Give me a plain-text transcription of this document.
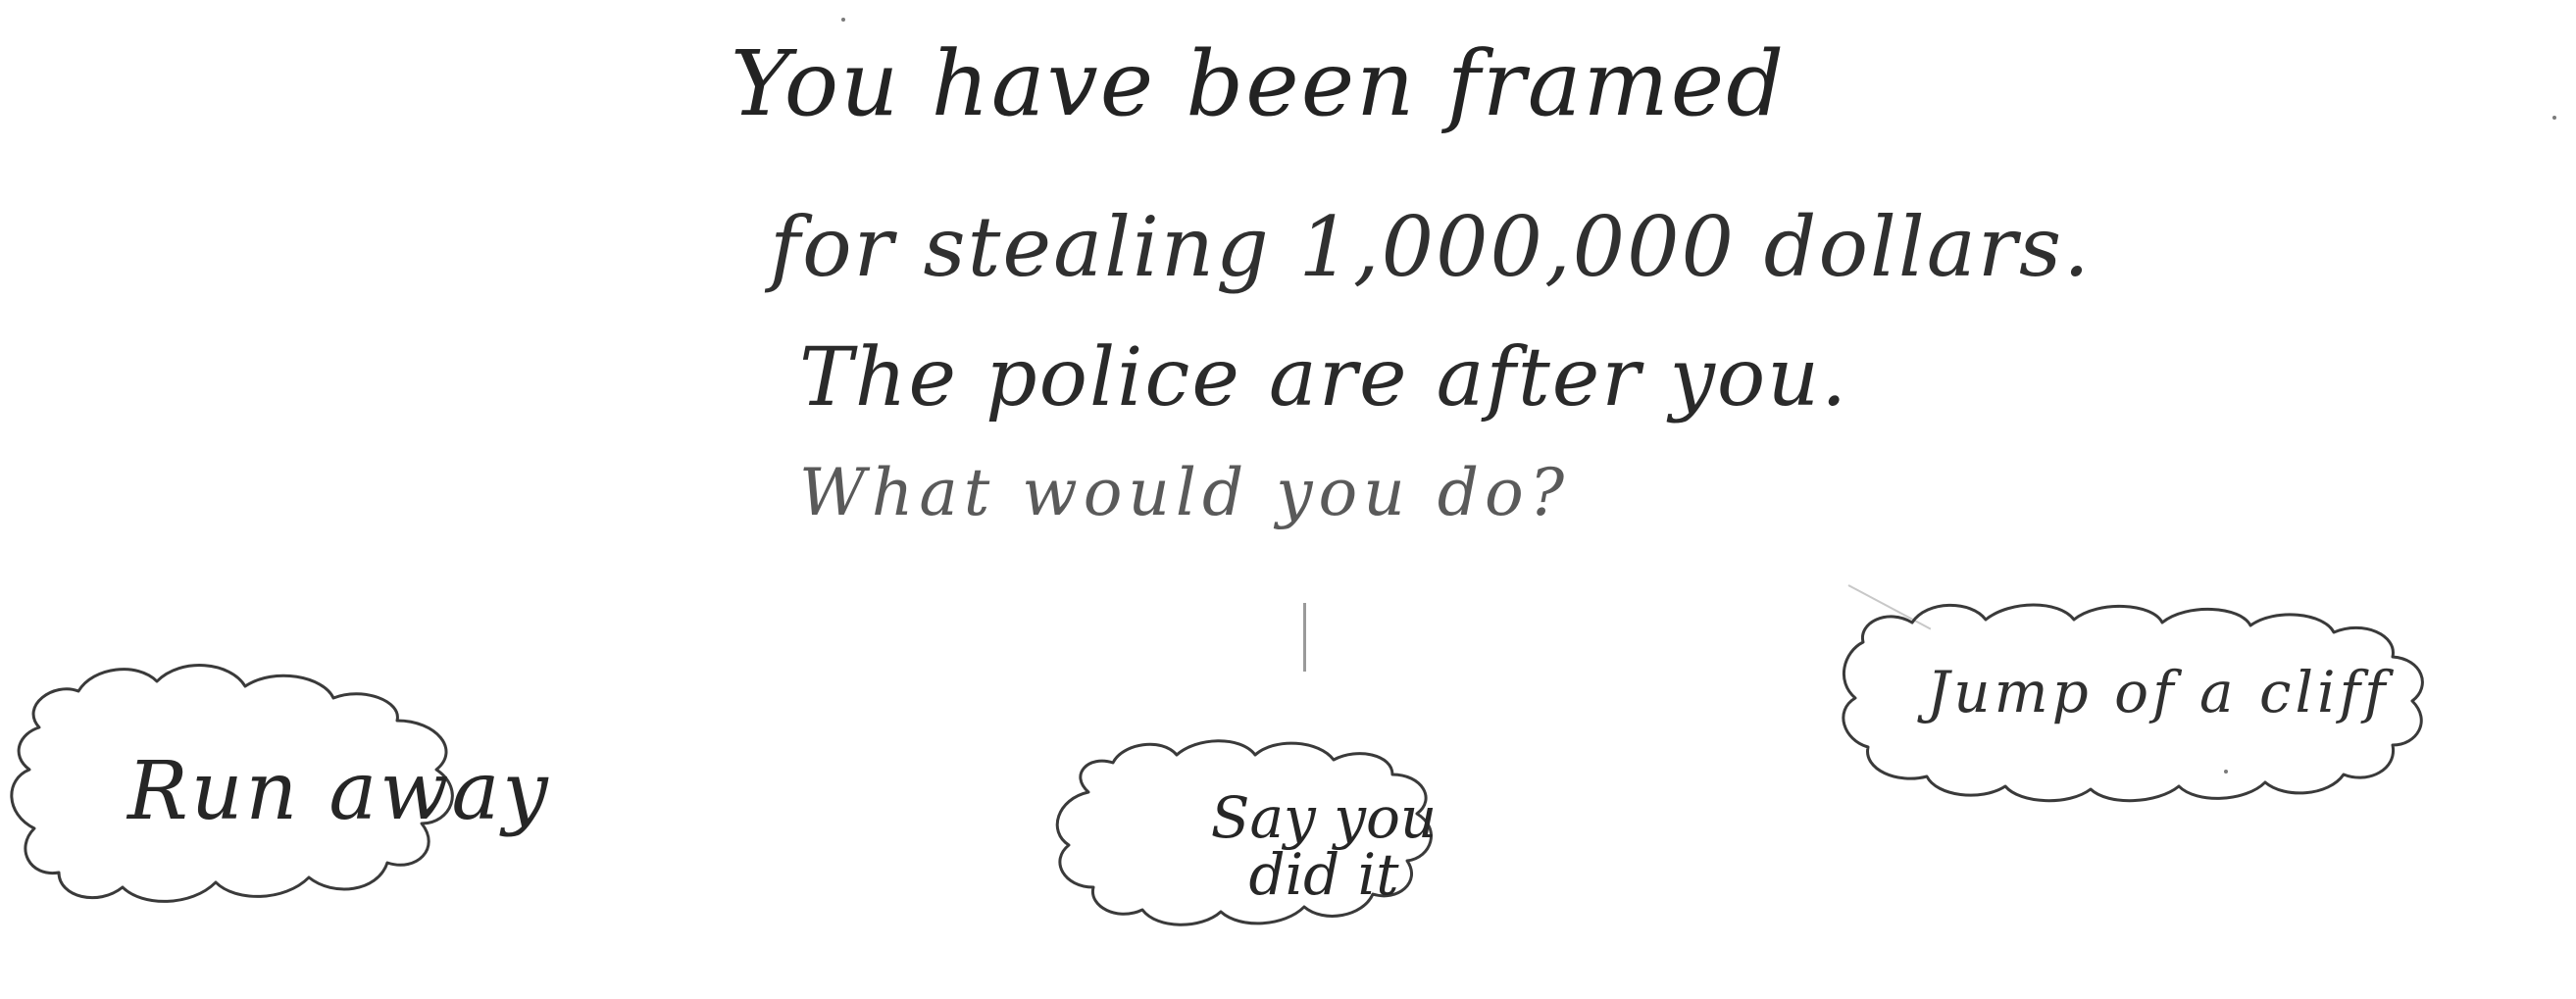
You have been framed
for stealing 1,000,000 dollars.
The police are after you.
What would you do?
Run away	Say you did it
Jump of a cliff
